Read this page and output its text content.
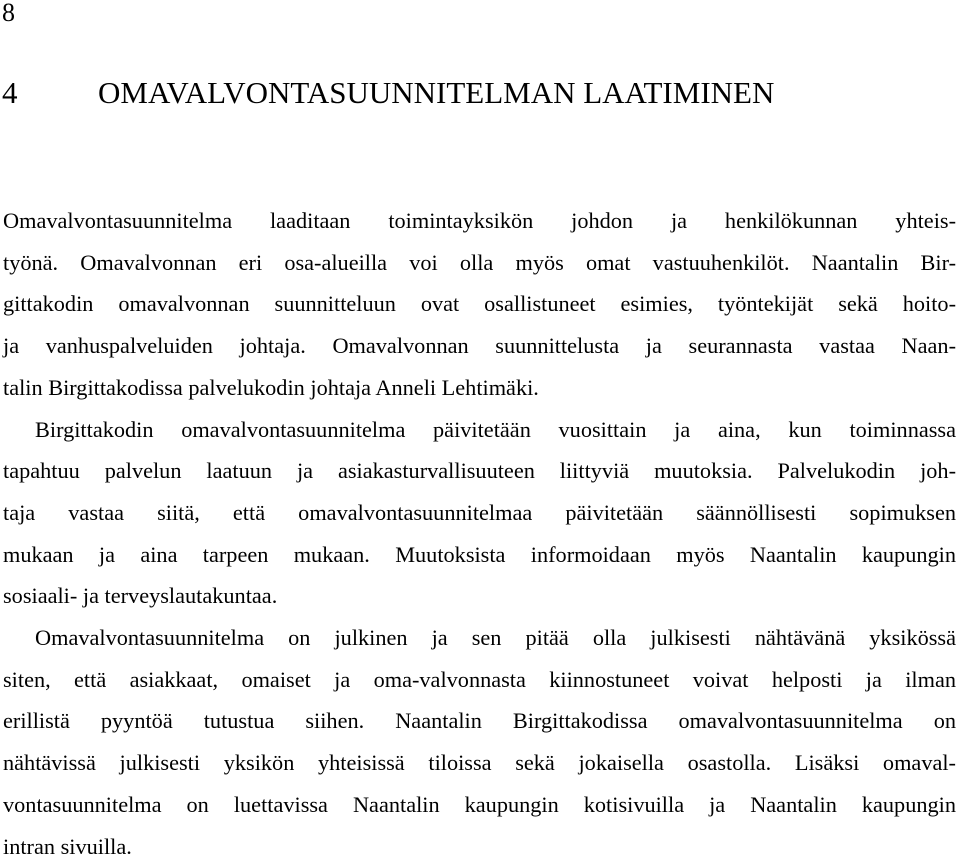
8
4	OMAVALVONTASUUNNITELMAN LAATIMINEN

Omavalvontasuunnitelma laaditaan toimintayksikön johdon ja henkilökunnan yhteis-
työnä. Omavalvonnan eri osa-alueilla voi olla myös omat vastuuhenkilöt. Naantalin Bir-
gittakodin omavalvonnan suunnitteluun ovat osallistuneet esimies, työntekijät sekä hoito-
ja vanhuspalveluiden johtaja. Omavalvonnan suunnittelusta ja seurannasta vastaa Naan-
talin Birgittakodissa palvelukodin johtaja Anneli Lehtimäki.

Birgittakodin omavalvontasuunnitelma päivitetään vuosittain ja aina, kun toiminnassa
tapahtuu palvelun laatuun ja asiakasturvallisuuteen liittyviä muutoksia. Palvelukodin joh-
taja vastaa siitä, että omavalvontasuunnitelmaa päivitetään säännöllisesti sopimuksen
mukaan ja aina tarpeen mukaan. Muutoksista informoidaan myös Naantalin kaupungin
sosiaali- ja terveyslautakuntaa.

Omavalvontasuunnitelma on julkinen ja sen pitää olla julkisesti nähtävänä yksikössä
siten, että asiakkaat, omaiset ja oma-valvonnasta kiinnostuneet voivat helposti ja ilman
erillistä pyyntöä tutustua siihen. Naantalin Birgittakodissa omavalvontasuunnitelma on
nähtävissä julkisesti yksikön yhteisissä tiloissa sekä jokaisella osastolla. Lisäksi omaval-
vontasuunnitelma on luettavissa Naantalin kaupungin kotisivuilla ja Naantalin kaupungin
intran sivuilla.
